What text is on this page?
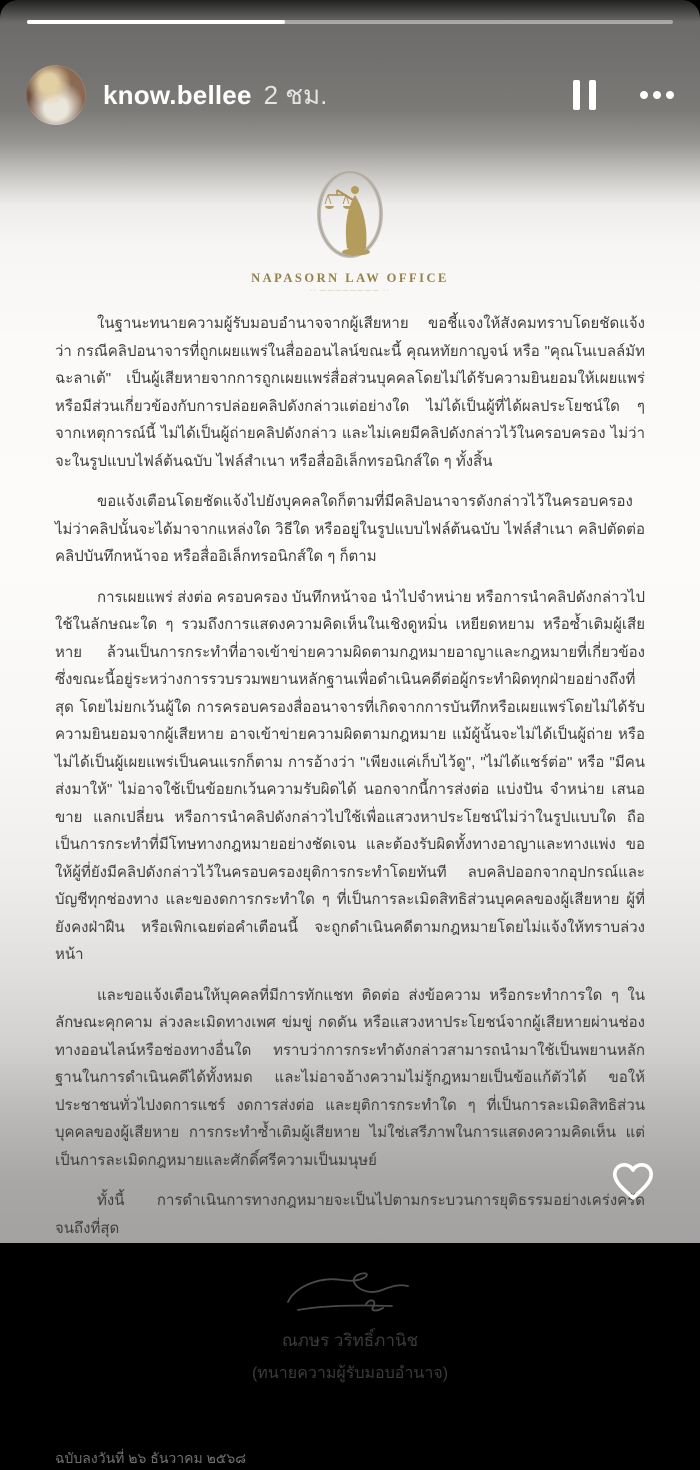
know.bellee 2 ชม.
NAPASORN LAW OFFICE
·· ———————— ··

ในฐานะทนายความผู้รับมอบอำนาจจากผู้เสียหาย ขอชี้แจงให้สังคมทราบโดยชัดแจ้งว่า กรณีคลิปอนาจารที่ถูกเผยแพร่ในสื่อออนไลน์ขณะนี้ คุณหทัยกาญจน์ หรือ "คุณโนเบลล์มัทฉะลาเต้" เป็นผู้เสียหายจากการถูกเผยแพร่สื่อส่วนบุคคลโดยไม่ได้รับความยินยอมให้เผยแพร่ หรือมีส่วนเกี่ยวข้องกับการปล่อยคลิปดังกล่าวแต่อย่างใด ไม่ได้เป็นผู้ที่ได้ผลประโยชน์ใด ๆ จากเหตุการณ์นี้ ไม่ได้เป็นผู้ถ่ายคลิปดังกล่าว และไม่เคยมีคลิปดังกล่าวไว้ในครอบครอง ไม่ว่าจะในรูปแบบไฟล์ต้นฉบับ ไฟล์สำเนา หรือสื่ออิเล็กทรอนิกส์ใด ๆ ทั้งสิ้น

ขอแจ้งเตือนโดยชัดแจ้งไปยังบุคคลใดก็ตามที่มีคลิปอนาจารดังกล่าวไว้ในครอบครอง ไม่ว่าคลิปนั้นจะได้มาจากแหล่งใด วิธีใด หรืออยู่ในรูปแบบไฟล์ต้นฉบับ ไฟล์สำเนา คลิปตัดต่อ คลิปบันทึกหน้าจอ หรือสื่ออิเล็กทรอนิกส์ใด ๆ ก็ตาม

การเผยแพร่ ส่งต่อ ครอบครอง บันทึกหน้าจอ นำไปจำหน่าย หรือการนำคลิปดังกล่าวไปใช้ในลักษณะใด ๆ รวมถึงการแสดงความคิดเห็นในเชิงดูหมิ่น เหยียดหยาม หรือซ้ำเติมผู้เสียหาย ล้วนเป็นการกระทำที่อาจเข้าข่ายความผิดตามกฎหมายอาญาและกฎหมายที่เกี่ยวข้อง ซึ่งขณะนี้อยู่ระหว่างการรวบรวมพยานหลักฐานเพื่อดำเนินคดีต่อผู้กระทำผิดทุกฝ่ายอย่างถึงที่สุด โดยไม่ยกเว้นผู้ใด การครอบครองสื่ออนาจารที่เกิดจากการบันทึกหรือเผยแพร่โดยไม่ได้รับความยินยอมจากผู้เสียหาย อาจเข้าข่ายความผิดตามกฎหมาย แม้ผู้นั้นจะไม่ได้เป็นผู้ถ่าย หรือไม่ได้เป็นผู้เผยแพร่เป็นคนแรกก็ตาม การอ้างว่า "เพียงแค่เก็บไว้ดู", "ไม่ได้แชร์ต่อ" หรือ "มีคนส่งมาให้" ไม่อาจใช้เป็นข้อยกเว้นความรับผิดได้ นอกจากนี้การส่งต่อ แบ่งปัน จำหน่าย เสนอขาย แลกเปลี่ยน หรือการนำคลิปดังกล่าวไปใช้เพื่อแสวงหาประโยชน์ไม่ว่าในรูปแบบใด ถือเป็นการกระทำที่มีโทษทางกฎหมายอย่างชัดเจน และต้องรับผิดทั้งทางอาญาและทางแพ่ง ขอให้ผู้ที่ยังมีคลิปดังกล่าวไว้ในครอบครองยุติการกระทำโดยทันที ลบคลิปออกจากอุปกรณ์และบัญชีทุกช่องทาง และของดการกระทำใด ๆ ที่เป็นการละเมิดสิทธิส่วนบุคคลของผู้เสียหาย ผู้ที่ยังคงฝ่าฝืน หรือเพิกเฉยต่อคำเตือนนี้ จะถูกดำเนินคดีตามกฎหมายโดยไม่แจ้งให้ทราบล่วงหน้า

และขอแจ้งเตือนให้บุคคลที่มีการทักแชท ติดต่อ ส่งข้อความ หรือกระทำการใด ๆ ในลักษณะคุกคาม ล่วงละเมิดทางเพศ ข่มขู่ กดดัน หรือแสวงหาประโยชน์จากผู้เสียหายผ่านช่องทางออนไลน์หรือช่องทางอื่นใด ทราบว่าการกระทำดังกล่าวสามารถนำมาใช้เป็นพยานหลักฐานในการดำเนินคดีได้ทั้งหมด และไม่อาจอ้างความไม่รู้กฎหมายเป็นข้อแก้ตัวได้ ขอให้ประชาชนทั่วไปงดการแชร์ งดการส่งต่อ และยุติการกระทำใด ๆ ที่เป็นการละเมิดสิทธิส่วนบุคคลของผู้เสียหาย การกระทำซ้ำเติมผู้เสียหาย ไม่ใช่เสรีภาพในการแสดงความคิดเห็น แต่เป็นการละเมิดกฎหมายและศักดิ์ศรีความเป็นมนุษย์

ทั้งนี้ การดำเนินการทางกฎหมายจะเป็นไปตามกระบวนการยุติธรรมอย่างเคร่งครัดจนถึงที่สุด

ณภษร วริทธิ์ภานิช
(ทนายความผู้รับมอบอำนาจ)
ฉบับลงวันที่ ๒๖ ธันวาคม ๒๕๖๘
